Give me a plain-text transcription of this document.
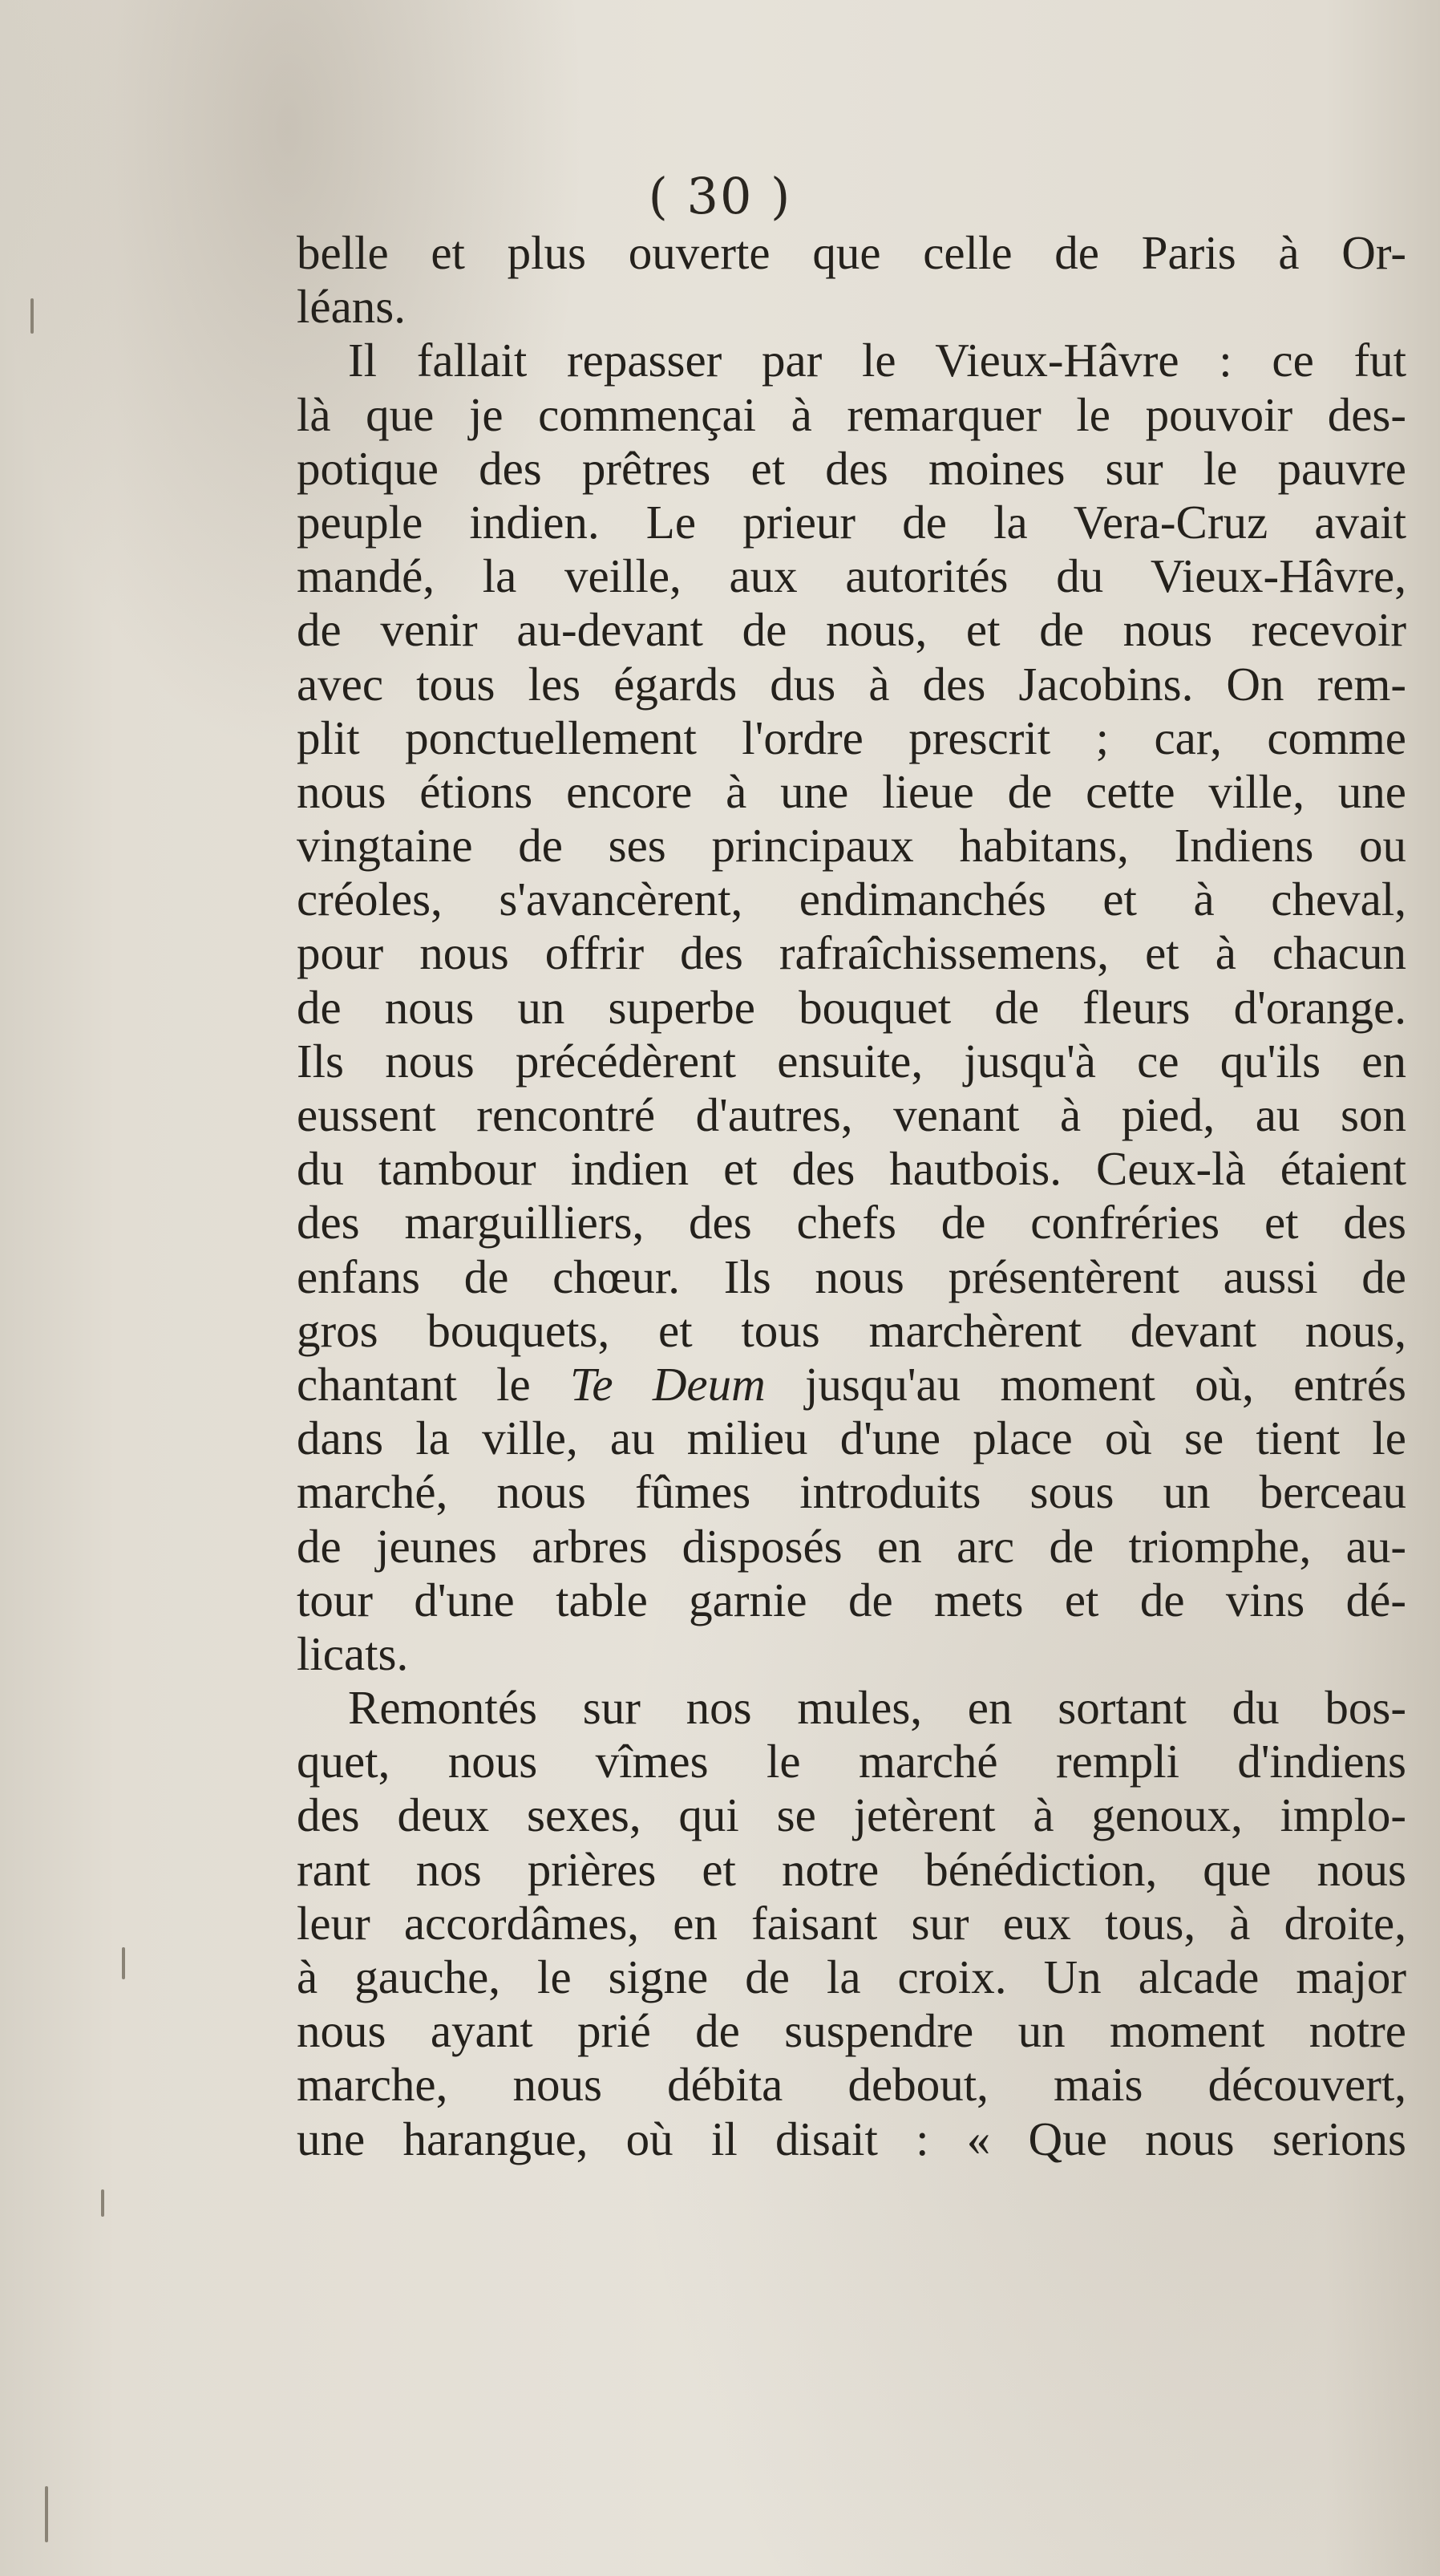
( 30 )
belle et plus ouverte que celle de Paris à Or-
léans.
Il fallait repasser par le Vieux-Hâvre : ce fut
là que je commençai à remarquer le pouvoir des-
potique des prêtres et des moines sur le pauvre
peuple indien. Le prieur de la Vera-Cruz avait
mandé, la veille, aux autorités du Vieux-Hâvre,
de venir au-devant de nous, et de nous recevoir
avec tous les égards dus à des Jacobins. On rem-
plit ponctuellement l'ordre prescrit ; car, comme
nous étions encore à une lieue de cette ville, une
vingtaine de ses principaux habitans, Indiens ou
créoles, s'avancèrent, endimanchés et à cheval,
pour nous offrir des rafraîchissemens, et à chacun
de nous un superbe bouquet de fleurs d'orange.
Ils nous précédèrent ensuite, jusqu'à ce qu'ils en
eussent rencontré d'autres, venant à pied, au son
du tambour indien et des hautbois. Ceux-là étaient
des marguilliers, des chefs de confréries et des
enfans de chœur. Ils nous présentèrent aussi de
gros bouquets, et tous marchèrent devant nous,
chantant le Te Deum jusqu'au moment où, entrés
dans la ville, au milieu d'une place où se tient le
marché, nous fûmes introduits sous un berceau
de jeunes arbres disposés en arc de triomphe, au-
tour d'une table garnie de mets et de vins dé-
licats.
Remontés sur nos mules, en sortant du bos-
quet, nous vîmes le marché rempli d'indiens
des deux sexes, qui se jetèrent à genoux, implo-
rant nos prières et notre bénédiction, que nous
leur accordâmes, en faisant sur eux tous, à droite,
à gauche, le signe de la croix. Un alcade major
nous ayant prié de suspendre un moment notre
marche, nous débita debout, mais découvert,
une harangue, où il disait : « Que nous serions
